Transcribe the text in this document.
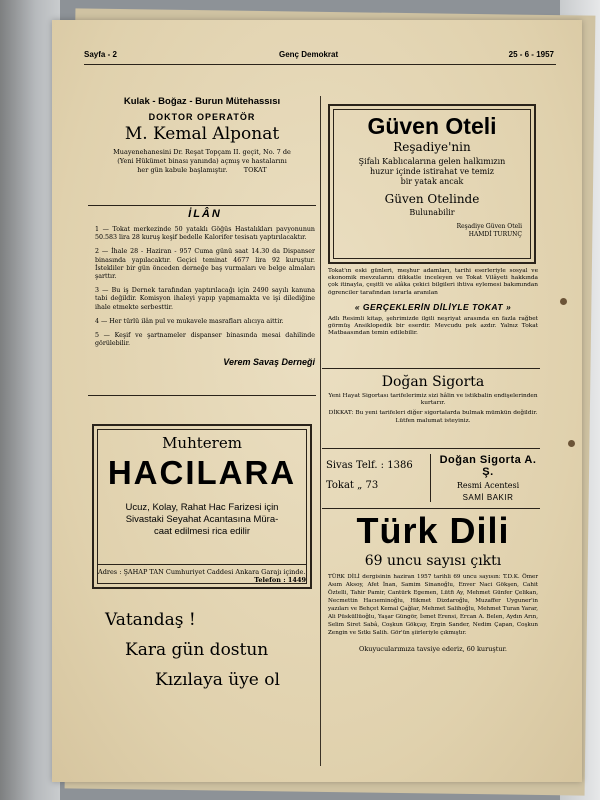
Sayfa - 2	Genç Demokrat	25 - 6 - 1957
Kulak - Boğaz - Burun Mütehassısı
DOKTOR OPERATÖR
M. Kemal Alponat
Muayenehanesini Dr. Reşat Topçam II. geçit, No. 7 de
(Yeni Hükümet binası yanında) açmış ve hastalarını
her gün kabule başlamıştır.	TOKAT
İLÂN

1 — Tokat merkezinde 50 yataklı Göğüs Hastalıkları pavyonunun 50.583 lira 28 kuruş keşif bedelle Kalorifer tesisatı yaptırılacaktır.

2 — İhale 28 - Haziran - 957 Cuma günü saat 14.30 da Dispanser binasında yapılacaktır. Geçici teminat 4677 lira 92 kuruştur. İstekliler bir gün önceden derneğe baş vurmaları ve belge almaları şarttır.

3 — Bu iş Dernek tarafından yaptırılacağı için 2490 sayılı kanuna tabi değildir. Komisyon ihaleyi yapıp yapmamakta ve işi dilediğine ihale etmekte serbesttir.

4 — Her türlü ilân pul ve mukavele masrafları alıcıya aittir.

5 — Keşif ve şartnameler dispanser binasında mesai dahilinde görülebilir.

Verem Savaş Derneği
Muhterem
HACILARA
Ucuz, Kolay, Rahat Hac Farizesi için
Sivastaki Seyahat Acantasına Müra-
caat edilmesi rica edilir
Adres : ŞAHAP TAN Cumhuriyet Caddesi Ankara Garajı içinde.
Telefon : 1449
Vatandaş !
Kara gün dostun
Kızılaya üye ol
Güven Oteli
Reşadiye'nin
Şifalı Kablıcalarına gelen halkımızın
huzur içinde istirahat ve temiz
bir yatak ancak
Güven Otelinde
Bulunabilir
Reşadiye Güven Oteli
HAMDİ TURUNÇ

Tokat'ın eski günleri, meşhur adamları, tarihi eserleriyle sosyal ve ekonomik mevzularını dikkatle inceleyen ve Tokat Vilâyeti hakkında çok itinayla, çeşitli ve alâka çekici bilgileri ihtiva eylemesi bakımından ögrenciler tarafından israrla aranılan

« GERÇEKLERİN DİLİYLE TOKAT »

Adlı Resimli kitap, şehrimizde ilgili neşriyat arasında en fazla rağbet görmüş Ansiklopedik bir eserdir. Mevcudu pek azdır. Yalnız Tokat Matbaasından temin edilebilir.

Doğan Sigorta

Yeni Hayat Sigortası tarifelerimiz sizi hâlin ve istikbalin endişelerinden kurtarır.

DİKKAT: Bu yeni tarifeleri diğer sigortalarda bulmak mümkün değildir. Lütfen malumat isteyiniz.

Sivas Telf. : 1386
Tokat „ 73
Doğan Sigorta A. Ş.
Resmi Acentesi
SAMİ BAKIR
Türk Dili
69 uncu sayısı çıktı

TÜRK DİLİ dergisinin haziran 1957 tarihli 69 uncu sayısın: T.D.K. Ömer Asım Aksoy, Afet İnan, Samim Sinanoğlu, Enver Naci Gökşen, Cahit Öztelli, Tahir Pamir, Cantürk Egemen, Lütfi Ay, Mehmet Günfer Çelikan, Necmettin Hacıeminoğlu, Hikmet Dizdaroğlu, Muzaffer Uyguner'in yazıları ve Behçet Kemal Çağlar, Mehmet Salihoğlu, Mehmet Turan Yarar, Ali Püsküllüoğlu, Yaşar Güngör, İsmet Erensi, Ercan A. Belen, Aydın Arın, Selim Siret Sabâ, Coşkun Gökçay, Ergin Sander, Nedim Çapan, Coşkun Zengin ve Sıtkı Salih. Gör'ün şiirleriyle çıkmıştır.

Okuyucularımıza tavsiye ederiz, 60 kuruştur.
